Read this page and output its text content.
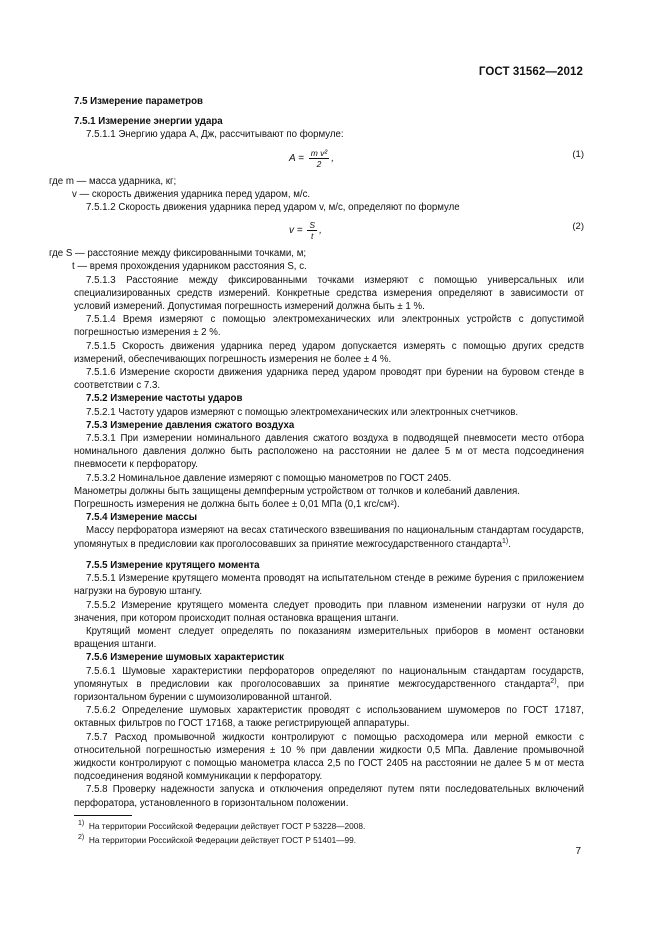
ГОСТ 31562—2012

7.5 Измерение параметров

7.5.1 Измерение энергии удара

7.5.1.1 Энергию удара А, Дж, рассчитывают по формуле:

$A = \frac{\text{m v²}}{2}$ ,	(1)

где m — масса ударника, кг;

v — скорость движения ударника перед ударом, м/с.

7.5.1.2 Скорость движения ударника перед ударом v, м/с, определяют по формуле

$v = \frac{S}{t}$ ,	(2)

где S — расстояние между фиксированными точками, м;

t — время прохождения ударником расстояния S, с.

7.5.1.3 Расстояние между фиксированными точками измеряют с помощью универсальных или специализированных средств измерений. Конкретные средства измерения определяют в зависимости от условий измерений. Допустимая погрешность измерений должна быть ± 1 %.

7.5.1.4 Время измеряют с помощью электромеханических или электронных устройств с допустимой погрешностью измерения ± 2 %.

7.5.1.5 Скорость движения ударника перед ударом допускается измерять с помощью других средств измерений, обеспечивающих погрешность измерения не более ± 4 %.

7.5.1.6 Измерение скорости движения ударника перед ударом проводят при бурении на буровом стенде в соответствии с 7.3.

7.5.2 Измерение частоты ударов

7.5.2.1 Частоту ударов измеряют с помощью электромеханических или электронных счетчиков.

7.5.3 Измерение давления сжатого воздуха

7.5.3.1 При измерении номинального давления сжатого воздуха в подводящей пневмосети место отбора номинального давления должно быть расположено на расстоянии не далее 5 м от места подсоединения пневмосети к перфоратору.

7.5.3.2 Номинальное давление измеряют с помощью манометров по ГОСТ 2405.

Манометры должны быть защищены демпферным устройством от толчков и колебаний давления.

Погрешность измерения не должна быть более ± 0,01 МПа (0,1 кгс/см²).

7.5.4 Измерение массы

Массу перфоратора измеряют на весах статического взвешивания по национальным стандартам государств, упомянутых в предисловии как проголосовавших за принятие межгосударственного стандарта$^{1)}$.

7.5.5 Измерение крутящего момента

7.5.5.1 Измерение крутящего момента проводят на испытательном стенде в режиме бурения с приложением нагрузки на буровую штангу.

7.5.5.2 Измерение крутящего момента следует проводить при плавном изменении нагрузки от нуля до значения, при котором происходит полная остановка вращения штанги.

Крутящий момент следует определять по показаниям измерительных приборов в момент остановки вращения штанги.

7.5.6 Измерение шумовых характеристик

7.5.6.1 Шумовые характеристики перфораторов определяют по национальным стандартам государств, упомянутых в предисловии как проголосовавших за принятие межгосударственного стандарта$^{2)}$, при горизонтальном бурении с шумоизолированной штангой.

7.5.6.2 Определение шумовых характеристик проводят с использованием шумомеров по ГОСТ 17187, октавных фильтров по ГОСТ 17168, а также регистрирующей аппаратуры.

7.5.7 Расход промывочной жидкости контролируют с помощью расходомера или мерной емкости с относительной погрешностью измерения ± 10 % при давлении жидкости 0,5 МПа. Давление промывочной жидкости контролируют с помощью манометра класса 2,5 по ГОСТ 2405 на расстоянии не далее 5 м от места подсоединения водяной коммуникации к перфоратору.

7.5.8 Проверку надежности запуска и отключения определяют путем пяти последовательных включений перфоратора, установленного в горизонтальном положении.

$^{1)}$ На территории Российской Федерации действует ГОСТ Р 53228—2008.
$^{2)}$ На территории Российской Федерации действует ГОСТ Р 51401—99.
7
